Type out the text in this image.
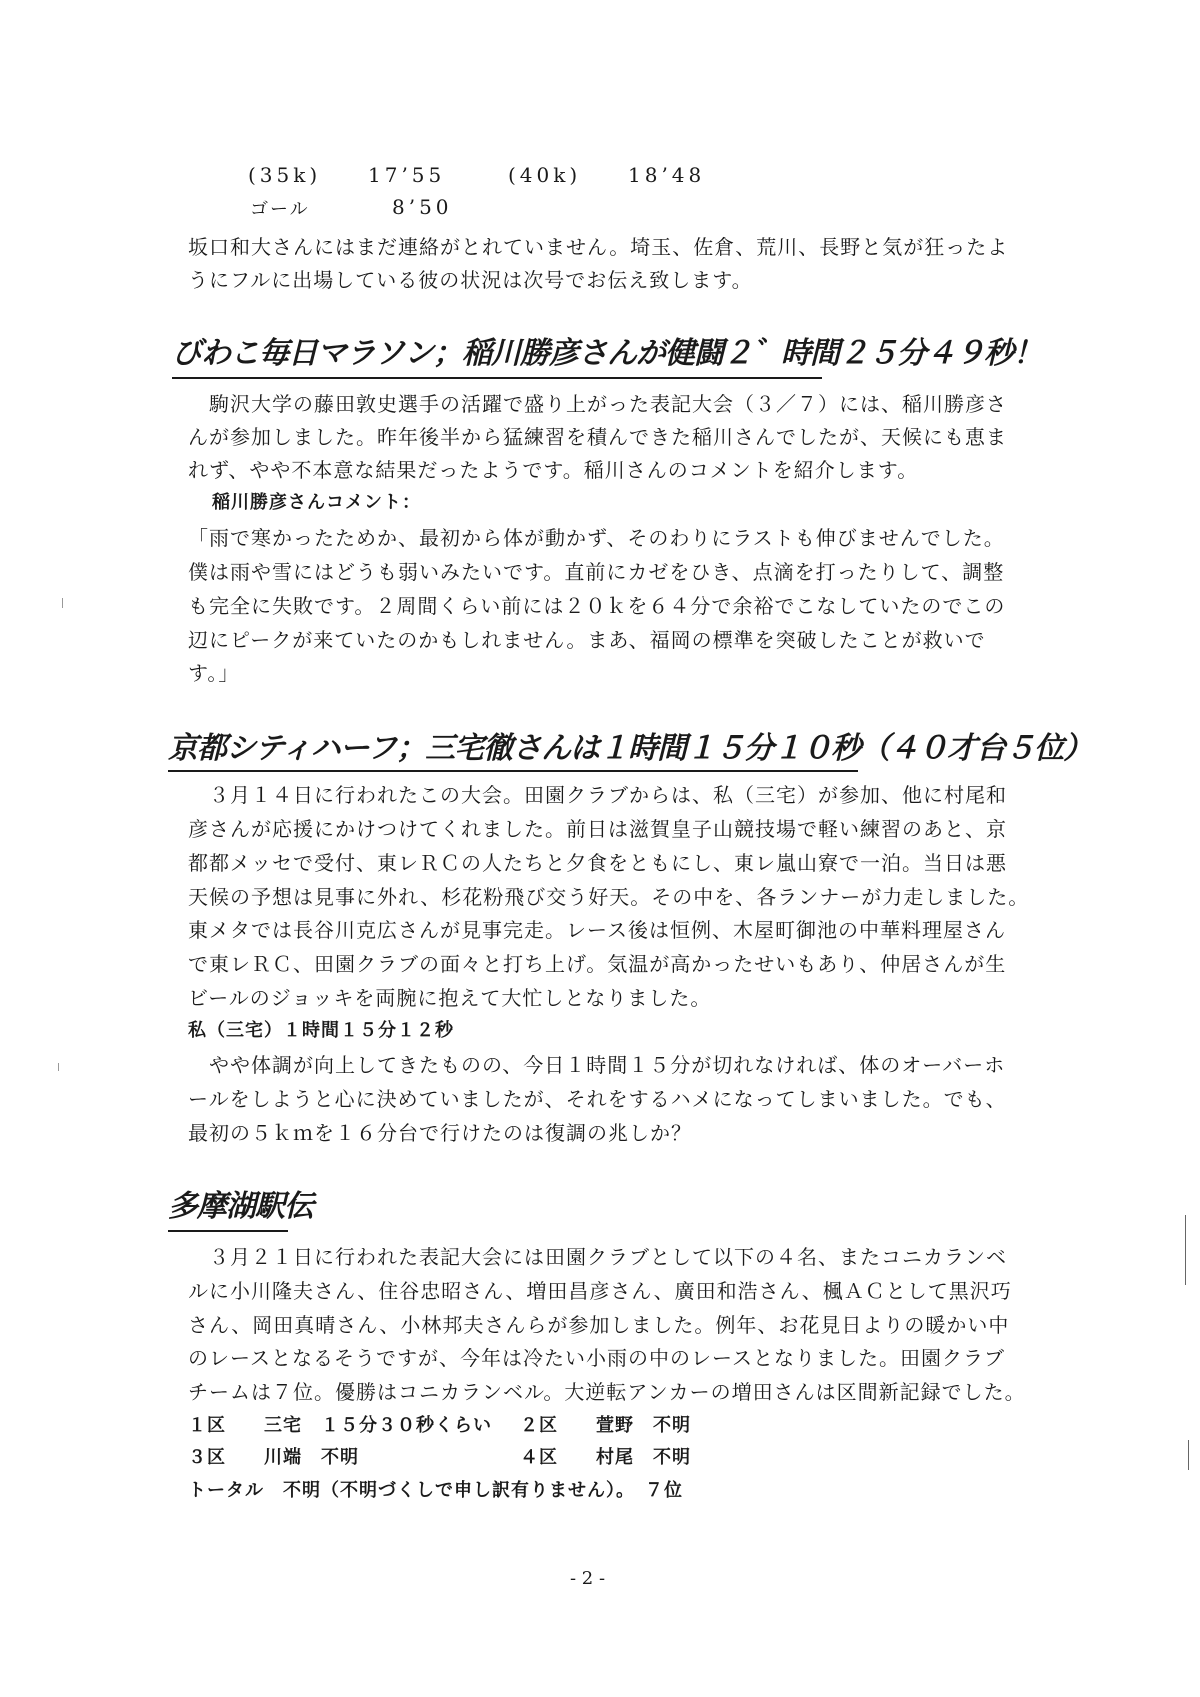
(35k) 17’55	(40k) 18’48
ゴール	8’50
坂口和大さんにはまだ連絡がとれていません。埼玉、佐倉、荒川、長野と気が狂ったよ
うにフルに出場している彼の状況は次号でお伝え致します。
びわこ毎日マラソン；稲川勝彦さんが健闘２゛時間２５分４９秒！
　駒沢大学の藤田敦史選手の活躍で盛り上がった表記大会（３／７）には、稲川勝彦さ
んが参加しました。昨年後半から猛練習を積んできた稲川さんでしたが、天候にも恵ま
れず、やや不本意な結果だったようです。稲川さんのコメントを紹介します。
稲川勝彦さんコメント：
「雨で寒かったためか、最初から体が動かず、そのわりにラストも伸びませんでした。
僕は雨や雪にはどうも弱いみたいです。直前にカゼをひき、点滴を打ったりして、調整
も完全に失敗です。２周間くらい前には２０ｋを６４分で余裕でこなしていたのでこの
辺にピークが来ていたのかもしれません。まあ、福岡の標準を突破したことが救いで
す。」
京都シティハーフ；三宅徹さんは１時間１５分１０秒（４０才台５位）
　３月１４日に行われたこの大会。田園クラブからは、私（三宅）が参加、他に村尾和
彦さんが応援にかけつけてくれました。前日は滋賀皇子山競技場で軽い練習のあと、京
都都メッセで受付、東レＲＣの人たちと夕食をともにし、東レ嵐山寮で一泊。当日は悪
天候の予想は見事に外れ、杉花粉飛び交う好天。その中を、各ランナーが力走しました。
東メタでは長谷川克広さんが見事完走。レース後は恒例、木屋町御池の中華料理屋さん
で東レＲＣ、田園クラブの面々と打ち上げ。気温が高かったせいもあり、仲居さんが生
ビールのジョッキを両腕に抱えて大忙しとなりました。
私（三宅）１時間１５分１２秒
　やや体調が向上してきたものの、今日１時間１５分が切れなければ、体のオーバーホ
ールをしようと心に決めていましたが、それをするハメになってしまいました。でも、
最初の５ｋｍを１６分台で行けたのは復調の兆しか？
多摩湖駅伝
　３月２１日に行われた表記大会には田園クラブとして以下の４名、またコニカランベ
ルに小川隆夫さん、住谷忠昭さん、増田昌彦さん、廣田和浩さん、楓ＡＣとして黒沢巧
さん、岡田真晴さん、小林邦夫さんらが参加しました。例年、お花見日よりの暖かい中
のレースとなるそうですが、今年は冷たい小雨の中のレースとなりました。田園クラブ
チームは７位。優勝はコニカランベル。大逆転アンカーの増田さんは区間新記録でした。
１区　　三宅　１５分３０秒くらい ２区　　萱野　不明
３区　　川端　不明	４区　　村尾　不明
トータル　不明（不明づくしで申し訳有りません）。　７位
- 2 -
